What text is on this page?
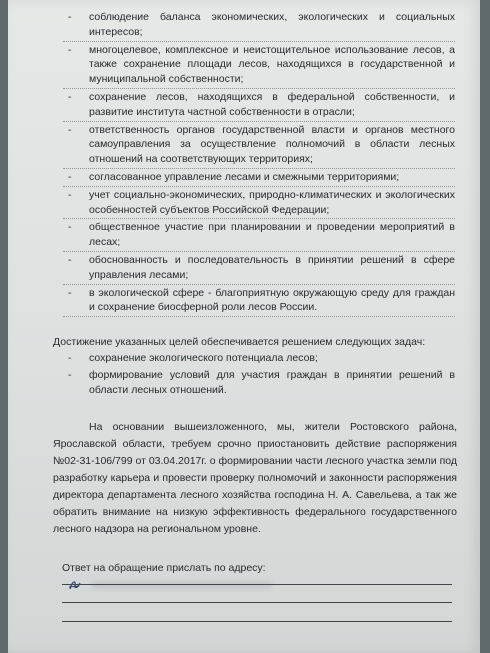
- соблюдение баланса экономических, экологических и социальных интересов;
- многоцелевое, комплексное и неистощительное использование лесов, а также сохранение площади лесов, находящихся в государственной и муниципальной собственности;
- сохранение лесов, находящихся в федеральной собственности, и развитие института частной собственности в отрасли;
- ответственность органов государственной власти и органов местного самоуправления за осуществление полномочий в области лесных отношений на соответствующих территориях;
- согласованное управление лесами и смежными территориями;
- учет социально-экономических, природно-климатических и экологических особенностей субъектов Российской Федерации;
- общественное участие при планировании и проведении мероприятий в лесах;
- обоснованность и последовательность в принятии решений в сфере управления лесами;
- в экологической сфере - благоприятную окружающую среду для граждан и сохранение биосферной роли лесов России.
Достижение указанных целей обеспечивается решением следующих задач:
- сохранение экологического потенциала лесов;
- формирование условий для участия граждан в принятии решений в области лесных отношений.

На основании вышеизложенного, мы, жители Ростовского района, Ярославской области, требуем срочно приостановить действие распоряжения №02-31-106/799 от 03.04.2017г. о формировании части лесного участка земли под разработку карьера и провести проверку полномочий и законности распоряжения директора департамента лесного хозяйства господина Н. А. Савельева, а так же обратить внимание на низкую эффективность федерального государственного лесного надзора на региональном уровне.

Ответ на обращение прислать по адресу:
